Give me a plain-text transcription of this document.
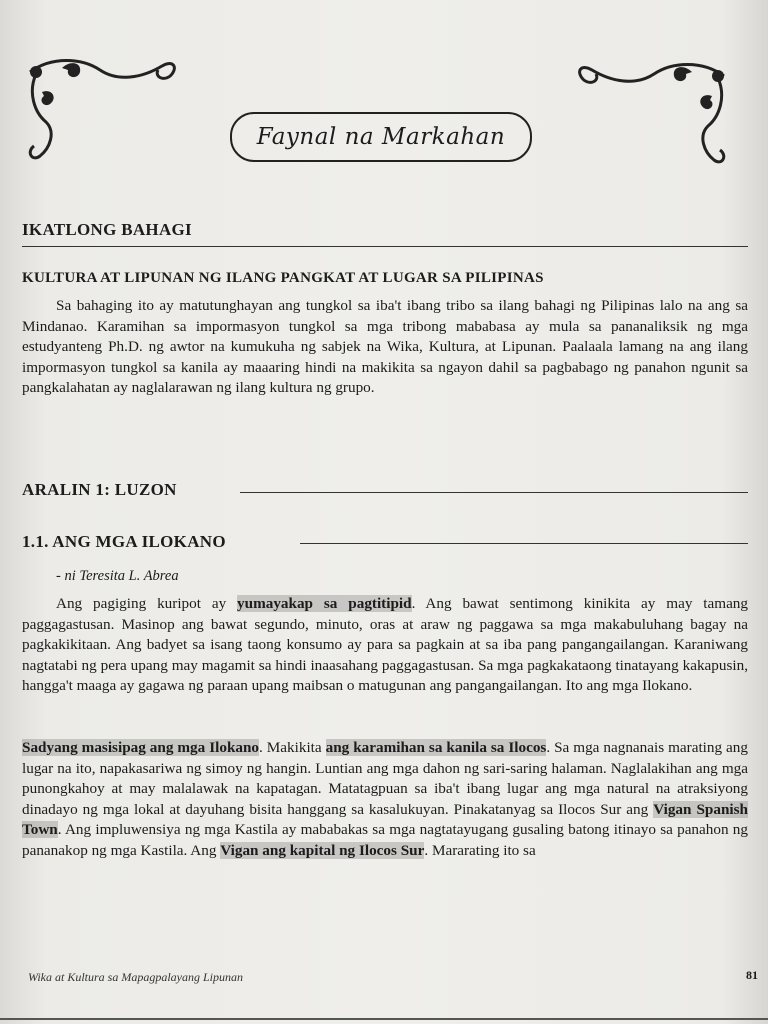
Faynal na Markahan
IKATLONG BAHAGI
KULTURA AT LIPUNAN NG ILANG PANGKAT AT LUGAR SA PILIPINAS

Sa bahaging ito ay matutunghayan ang tungkol sa iba't ibang tribo sa ilang bahagi ng Pilipinas lalo na ang sa Mindanao. Karamihan sa impormasyon tungkol sa mga tribong mababasa ay mula sa pananaliksik ng mga estudyanteng Ph.D. ng awtor na kumukuha ng sabjek na Wika, Kultura, at Lipunan. Paalaala lamang na ang ilang impormasyon tungkol sa kanila ay maaaring hindi na makikita sa ngayon dahil sa pagbabago ng panahon ngunit sa pangkalahatan ay naglalarawan ng ilang kultura ng grupo.

ARALIN 1: LUZON
1.1. ANG MGA ILOKANO
- ni Teresita L. Abrea

Ang pagiging kuripot ay yumayakap sa pagtitipid. Ang bawat sentimong kinikita ay may tamang paggagastusan. Masinop ang bawat segundo, minuto, oras at araw ng paggawa sa mga makabuluhang bagay na pagkakikitaan. Ang badyet sa isang taong konsumo ay para sa pagkain at sa iba pang pangangailangan. Karaniwang nagtatabi ng pera upang may magamit sa hindi inaasahang paggagastusan. Sa mga pagkakataong tinatayang kakapusin, hangga't maaga ay gagawa ng paraan upang maibsan o matugunan ang pangangailangan. Ito ang mga Ilokano.

Sadyang masisipag ang mga Ilokano. Makikita ang karamihan sa kanila sa Ilocos. Sa mga nagnanais marating ang lugar na ito, napakasariwa ng simoy ng hangin. Luntian ang mga dahon ng sari-saring halaman. Naglalakihan ang mga punongkahoy at may malalawak na kapatagan. Matatagpuan sa iba't ibang lugar ang mga natural na atraksiyong dinadayo ng mga lokal at dayuhang bisita hanggang sa kasalukuyan. Pinakatanyag sa Ilocos Sur ang Vigan Spanish Town. Ang impluwensiya ng mga Kastila ay mababakas sa mga nagtatayugang gusaling batong itinayo sa panahon ng pananakop ng mga Kastila. Ang Vigan ang kapital ng Ilocos Sur. Mararating ito sa

Wika at Kultura sa Mapagpalayang Lipunan	81
